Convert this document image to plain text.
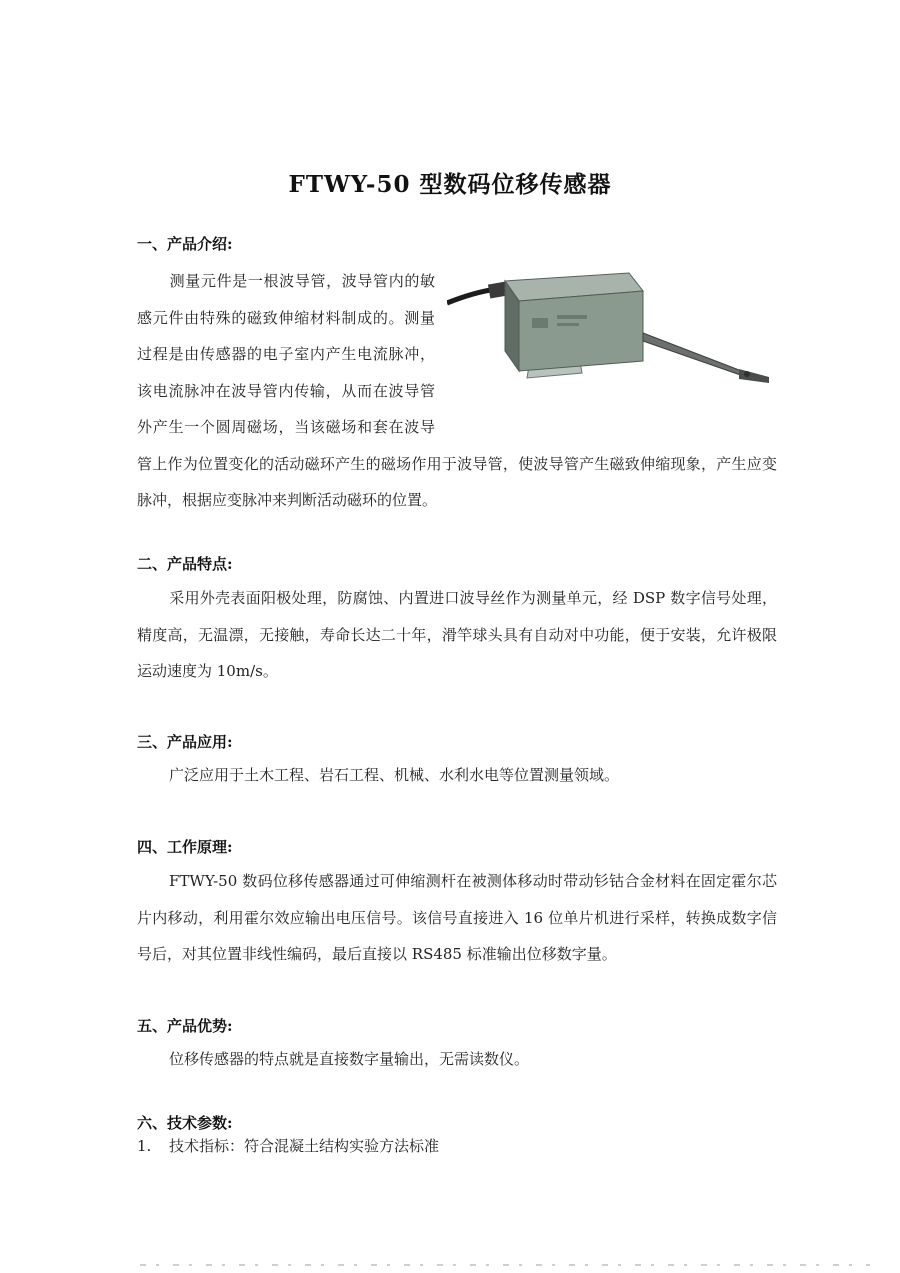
FTWY-50 型数码位移传感器
一、产品介绍:

测量元件是一根波导管，波导管内的敏感元件由特殊的磁致伸缩材料制成的。测量过程是由传感器的电子室内产生电流脉冲，该电流脉冲在波导管内传输，从而在波导管外产生一个圆周磁场，当该磁场和套在波导管上作为位置变化的活动磁环产生的磁场作用于波导管，使波导管产生磁致伸缩现象，产生应变脉冲，根据应变脉冲来判断活动磁环的位置。

二、产品特点:

采用外壳表面阳极处理，防腐蚀、内置进口波导丝作为测量单元，经 DSP 数字信号处理，精度高，无温漂，无接触，寿命长达二十年，滑竿球头具有自动对中功能，便于安装，允许极限运动速度为 10m/s。

三、产品应用:

广泛应用于土木工程、岩石工程、机械、水利水电等位置测量领域。

四、工作原理:

FTWY-50 数码位移传感器通过可伸缩测杆在被测体移动时带动钐钴合金材料在固定霍尔芯片内移动，利用霍尔效应输出电压信号。该信号直接进入 16 位单片机进行采样，转换成数字信号后，对其位置非线性编码，最后直接以 RS485 标准输出位移数字量。

五、产品优势:

位移传感器的特点就是直接数字量输出，无需读数仪。

六、技术参数:
1. 技术指标：符合混凝土结构实验方法标准
